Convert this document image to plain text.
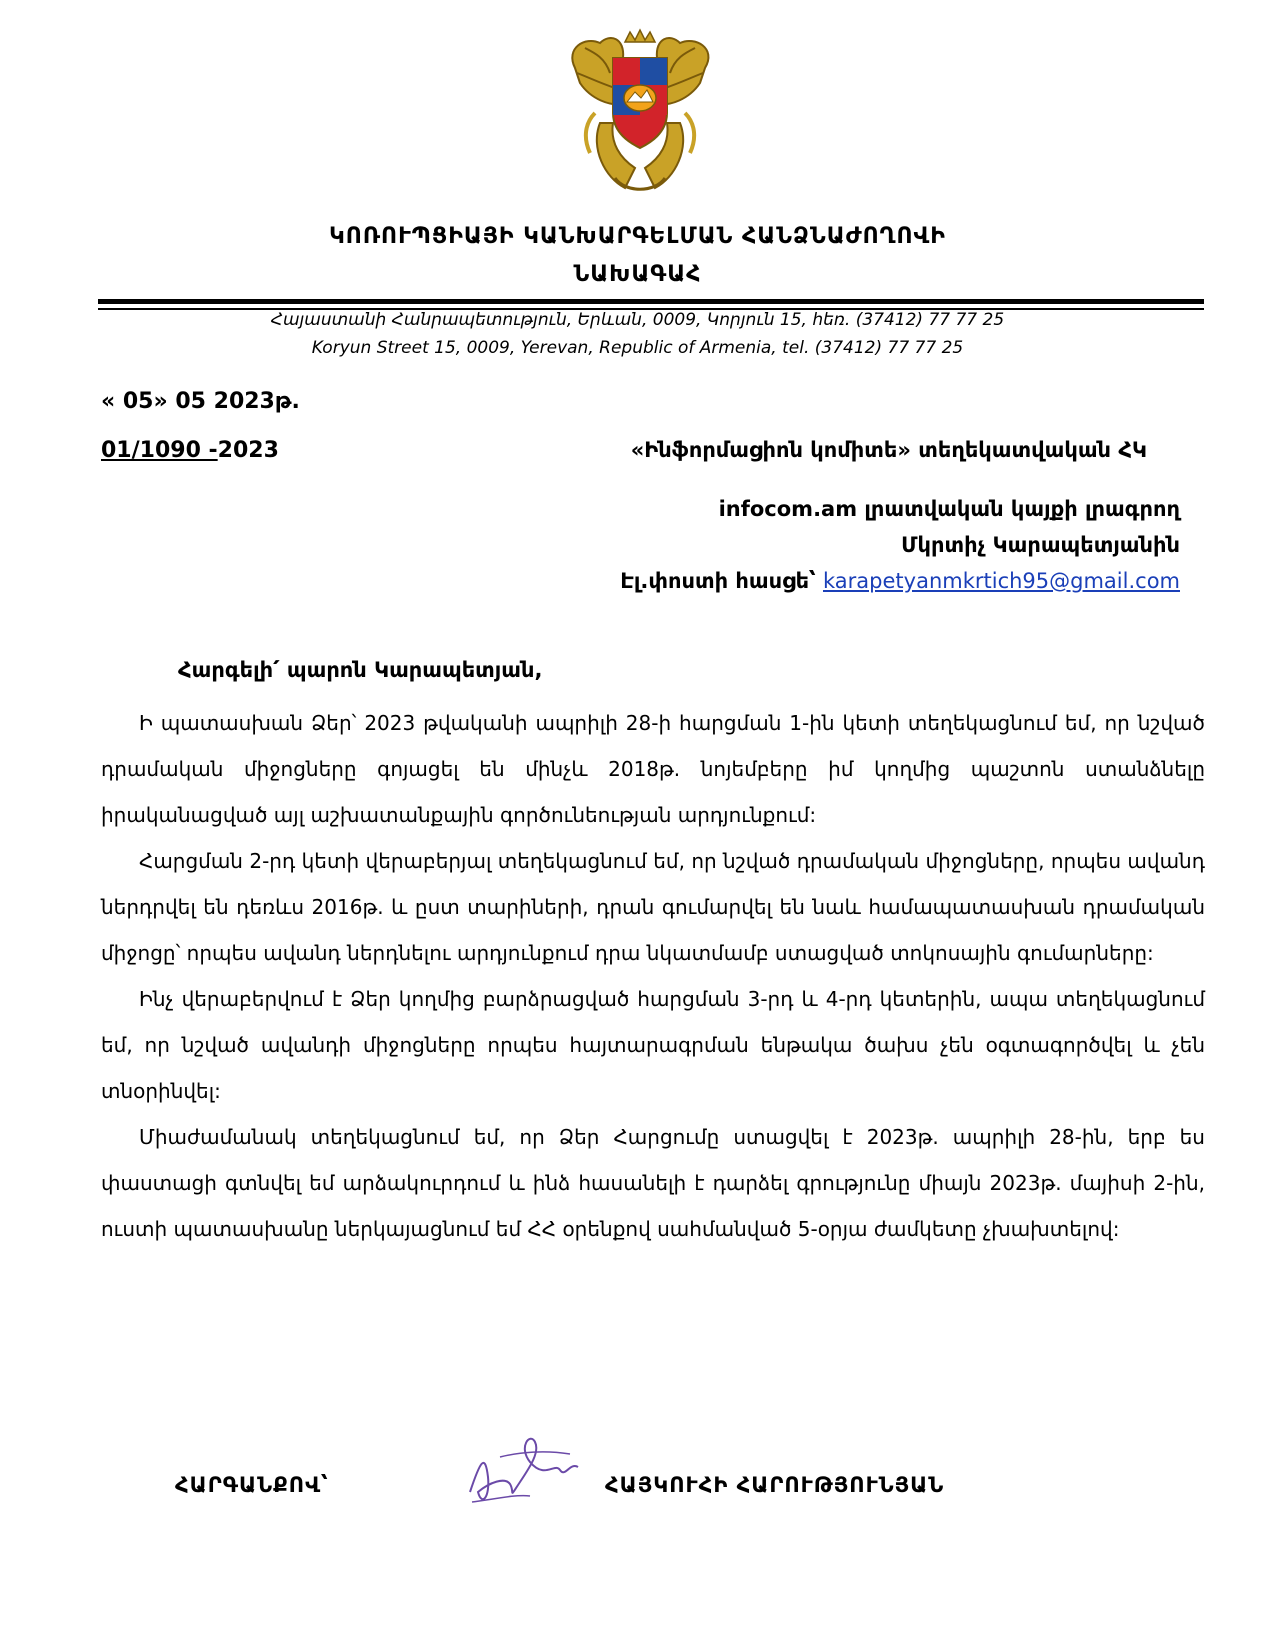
ԿՈՌՈՒՊՑԻԱՅԻ ԿԱՆԽԱՐԳԵԼՄԱՆ ՀԱՆՁՆԱԺՈՂՈՎԻ
ՆԱԽԱԳԱՀ
Հայաստանի Հանրապետություն, Երևան, 0009, Կորյուն 15, հեռ. (37412) 77 77 25
Koryun Street 15, 0009, Yerevan, Republic of Armenia, tel. (37412) 77 77 25
« 05» 05 2023թ.
01/1090 -2023	«Ինֆորմացիոն կոմիտե» տեղեկատվական ՀԿ
infocom.am լրատվական կայքի լրագրող
Մկրտիչ Կարապետյանին
Էլ.փոստի հասցե՝ karapetyanmkrtich95@gmail.com
Հարգելի՛ պարոն Կարապետյան,

Ի պատասխան Ձեր՝ 2023 թվականի ապրիլի 28-ի հարցման 1-ին կետի տեղեկացնում եմ, որ նշված դրամական միջոցները գոյացել են մինչև 2018թ. նոյեմբերը իմ կողմից պաշտոն ստանձնելը իրականացված այլ աշխատանքային գործունեության արդյունքում:

Հարցման 2-րդ կետի վերաբերյալ տեղեկացնում եմ, որ նշված դրամական միջոցները, որպես ավանդ ներդրվել են դեռևս 2016թ. և ըստ տարիների, դրան գումարվել են նաև համապատասխան դրամական միջոցը՝ որպես ավանդ ներդնելու արդյունքում դրա նկատմամբ ստացված տոկոսային գումարները:

Ինչ վերաբերվում է Ձեր կողմից բարձրացված հարցման 3-րդ և 4-րդ կետերին, ապա տեղեկացնում եմ, որ նշված ավանդի միջոցները որպես հայտարագրման ենթակա ծախս չեն օգտագործվել և չեն տնօրինվել:

Միաժամանակ տեղեկացնում եմ, որ Ձեր Հարցումը ստացվել է 2023թ. ապրիլի 28-ին, երբ ես փաստացի գտնվել եմ արձակուրդում և ինձ հասանելի է դարձել գրությունը միայն 2023թ. մայիսի 2-ին, ուստի պատասխանը ներկայացնում եմ ՀՀ օրենքով սահմանված 5-օրյա ժամկետը չխախտելով:

ՀԱՐԳԱՆՔՈՎ՝	ՀԱՅԿՈՒՀԻ ՀԱՐՈՒԹՅՈՒՆՅԱՆ
